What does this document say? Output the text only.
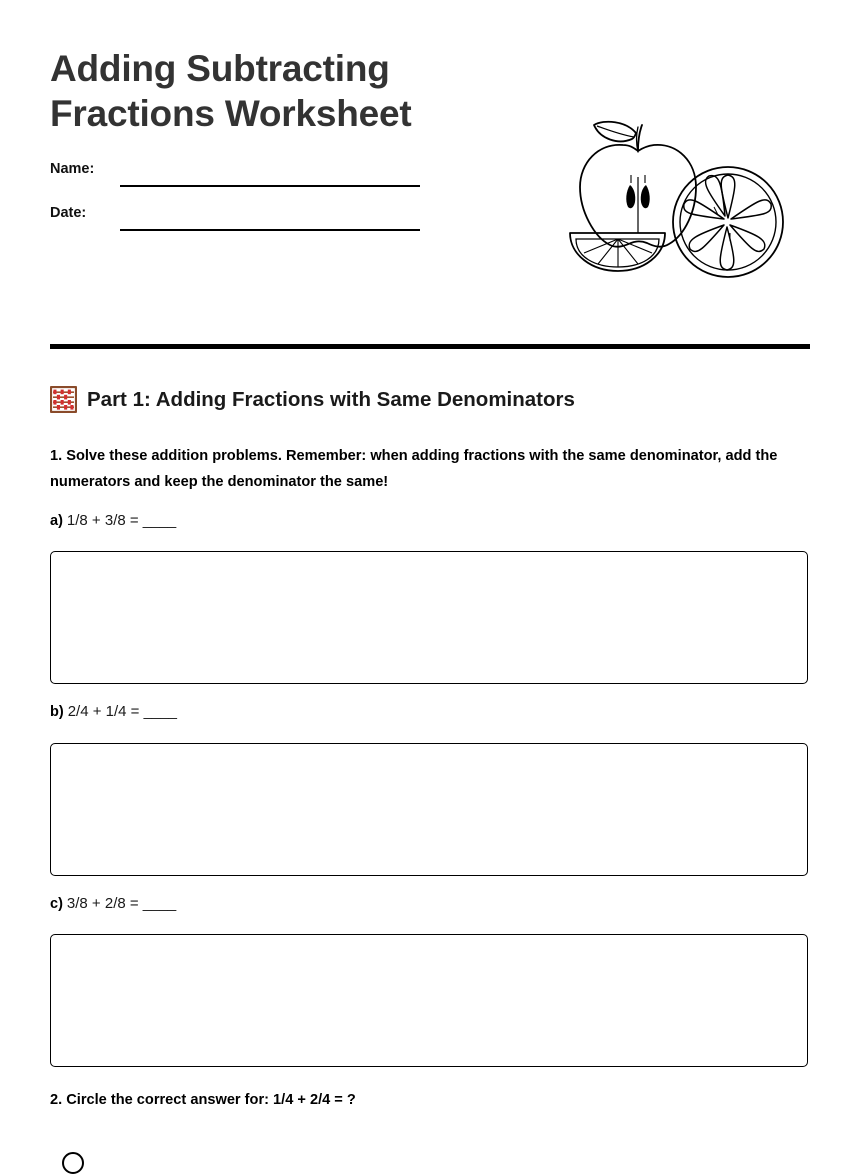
Adding Subtracting
Fractions Worksheet
Name:
Date:
Part 1: Adding Fractions with Same Denominators
1. Solve these addition problems. Remember: when adding fractions with the same denominator, add the numerators and keep the denominator the same!
a) 1/8 + 3/8 = ____
b) 2/4 + 1/4 = ____
c) 3/8 + 2/8 = ____
2. Circle the correct answer for: 1/4 + 2/4 = ?
